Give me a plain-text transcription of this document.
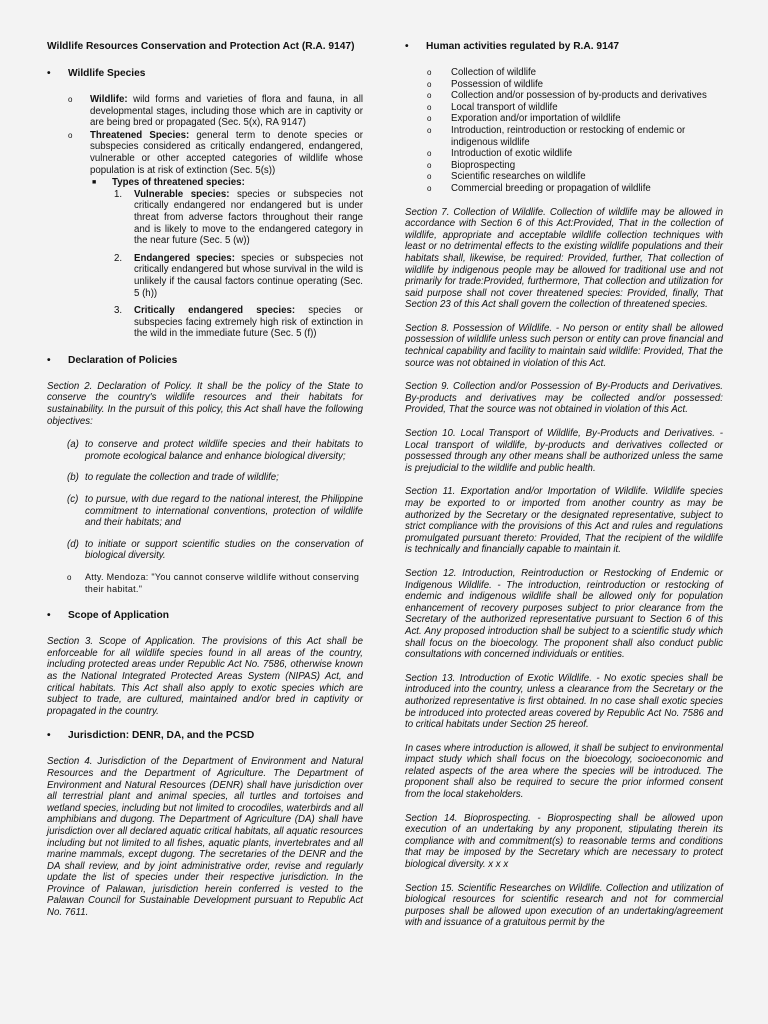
Wildlife Resources Conservation and Protection Act (R.A. 9147)
• Wildlife Species
o Wildlife: wild forms and varieties of flora and fauna, in all developmental stages, including those which are in captivity or are being bred or propagated (Sec. 5(x), RA 9147)
o Threatened Species: general term to denote species or subspecies considered as critically endangered, endangered, vulnerable or other accepted categories of wildlife whose population is at risk of extinction (Sec. 5(s))
■ Types of threatened species:
1. Vulnerable species: species or subspecies not critically endangered nor endangered but is under threat from adverse factors throughout their range and is likely to move to the endangered category in the near future (Sec. 5 (w))
2. Endangered species: species or subspecies not critically endangered but whose survival in the wild is unlikely if the causal factors continue operating (Sec. 5 (h))
3. Critically endangered species: species or subspecies facing extremely high risk of extinction in the wild in the immediate future (Sec. 5 (f))
• Declaration of Policies
Section 2. Declaration of Policy. It shall be the policy of the State to conserve the country's wildlife resources and their habitats for sustainability. In the pursuit of this policy, this Act shall have the following objectives:
(a) to conserve and protect wildlife species and their habitats to promote ecological balance and enhance biological diversity;
(b) to regulate the collection and trade of wildlife;
(c) to pursue, with due regard to the national interest, the Philippine commitment to international conventions, protection of wildlife and their habitats; and
(d) to initiate or support scientific studies on the conservation of biological diversity.
o Atty. Mendoza: "You cannot conserve wildlife without conserving their habitat."
• Scope of Application
Section 3. Scope of Application. The provisions of this Act shall be enforceable for all wildlife species found in all areas of the country, including protected areas under Republic Act No. 7586, otherwise known as the National Integrated Protected Areas System (NIPAS) Act, and critical habitats. This Act shall also apply to exotic species which are subject to trade, are cultured, maintained and/or bred in captivity or propagated in the country.
• Jurisdiction: DENR, DA, and the PCSD
Section 4. Jurisdiction of the Department of Environment and Natural Resources and the Department of Agriculture. The Department of Environment and Natural Resources (DENR) shall have jurisdiction over all terrestrial plant and animal species, all turtles and tortoises and wetland species, including but not limited to crocodiles, waterbirds and all amphibians and dugong. The Department of Agriculture (DA) shall have jurisdiction over all declared aquatic critical habitats, all aquatic resources including but not limited to all fishes, aquatic plants, invertebrates and all marine mammals, except dugong. The secretaries of the DENR and the DA shall review, and by joint administrative order, revise and regularly update the list of species under their respective jurisdiction. In the Province of Palawan, jurisdiction herein conferred is vested to the Palawan Council for Sustainable Development pursuant to Republic Act No. 7611.
• Human activities regulated by R.A. 9147
o Collection of wildlife
o Possession of wildlife
o Collection and/or possession of by-products and derivatives
o Local transport of wildlife
o Exporation and/or importation of wildlife
o Introduction, reintroduction or restocking of endemic or indigenous wildlife
o Introduction of exotic wildlife
o Bioprospecting
o Scientific researches on wildlife
o Commercial breeding or propagation of wildlife
Section 7. Collection of Wildlife. Collection of wildlife may be allowed in accordance with Section 6 of this Act:Provided, That in the collection of wildlife, appropriate and acceptable wildlife collection techniques with least or no detrimental effects to the existing wildlife populations and their habitats shall, likewise, be required: Provided, further, That collection of wildlife by indigenous people may be allowed for traditional use and not primarily for trade:Provided, furthermore, That collection and utilization for said purpose shall not cover threatened species: Provided, finally, That Section 23 of this Act shall govern the collection of threatened species.
Section 8. Possession of Wildlife. - No person or entity shall be allowed possession of wildlife unless such person or entity can prove financial and technical capability and facility to maintain said wildlife: Provided, That the source was not obtained in violation of this Act.
Section 9. Collection and/or Possession of By-Products and Derivatives. By-products and derivatives may be collected and/or possessed: Provided, That the source was not obtained in violation of this Act.
Section 10. Local Transport of Wildlife, By-Products and Derivatives. - Local transport of wildlife, by-products and derivatives collected or possessed through any other means shall be authorized unless the same is prejudicial to the wildlife and public health.
Section 11. Exportation and/or Importation of Wildlife. Wildlife species may be exported to or imported from another country as may be authorized by the Secretary or the designated representative, subject to strict compliance with the provisions of this Act and rules and regulations promulgated pursuant thereto: Provided, That the recipient of the wildlife is technically and financially capable to maintain it.
Section 12. Introduction, Reintroduction or Restocking of Endemic or Indigenous Wildlife. - The introduction, reintroduction or restocking of endemic and indigenous wildlife shall be allowed only for population enhancement of recovery purposes subject to prior clearance from the Secretary of the authorized representative pursuant to Section 6 of this Act. Any proposed introduction shall be subject to a scientific study which shall focus on the bioecology. The proponent shall also conduct public consultations with concerned individuals or entities.
Section 13. Introduction of Exotic Wildlife. - No exotic species shall be introduced into the country, unless a clearance from the Secretary or the authorized representative is first obtained. In no case shall exotic species be introduced into protected areas covered by Republic Act No. 7586 and to critical habitats under Section 25 hereof.
In cases where introduction is allowed, it shall be subject to environmental impact study which shall focus on the bioecology, socioeconomic and related aspects of the area where the species will be introduced. The proponent shall also be required to secure the prior informed consent from the local stakeholders.
Section 14. Bioprospecting. - Bioprospecting shall be allowed upon execution of an undertaking by any proponent, stipulating therein its compliance with and commitment(s) to reasonable terms and conditions that may be imposed by the Secretary which are necessary to protect biological diversity. x x x
Section 15. Scientific Researches on Wildlife. Collection and utilization of biological resources for scientific research and not for commercial purposes shall be allowed upon execution of an undertaking/agreement with and issuance of a gratuitous permit by the
